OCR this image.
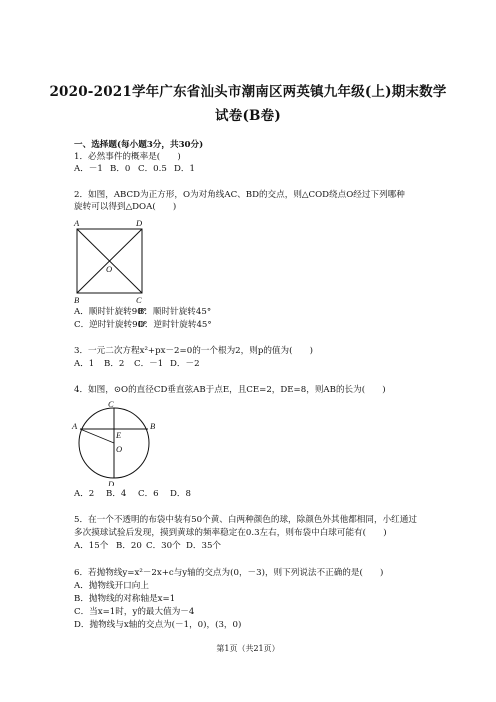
2020-2021学年广东省汕头市潮南区两英镇九年级(上)期末数学
试卷(B卷)
一、选择题(每小题3分，共30分)
1．必然事件的概率是(　　)
A．－1 B．0 C．0.5 D．1
2．如图，ABCD为正方形，O为对角线AC、BD的交点，则△COD绕点O经过下列哪种
旋转可以得到△DOA(　　)
A	D
O
B	C
A．顺时针旋转90°B．顺时针旋转45°
C．逆时针旋转90°D．逆时针旋转45°
3．一元二次方程x²+px－2=0的一个根为2，则p的值为(　　)
A．1 B．2 C．－1 D．－2
4．如图，⊙O的直径CD垂直弦AB于点E，且CE=2，DE=8，则AB的长为(　　)
C
A	B
E
O
D
A．2 B．4 C．6 D．8
5．在一个不透明的布袋中装有50个黄、白两种颜色的球，除颜色外其他都相同，小红通过
多次摸球试验后发现，摸到黄球的频率稳定在0.3左右，则布袋中白球可能有(　　)
A．15个 B．20 C．30个 D．35个
6．若抛物线y=x²－2x+c与y轴的交点为(0，－3)，则下列说法不正确的是(　　)
A．抛物线开口向上
B．抛物线的对称轴是x=1
C．当x=1时，y的最大值为－4
D．抛物线与x轴的交点为(－1，0)，(3，0)
第1页（共21页）
